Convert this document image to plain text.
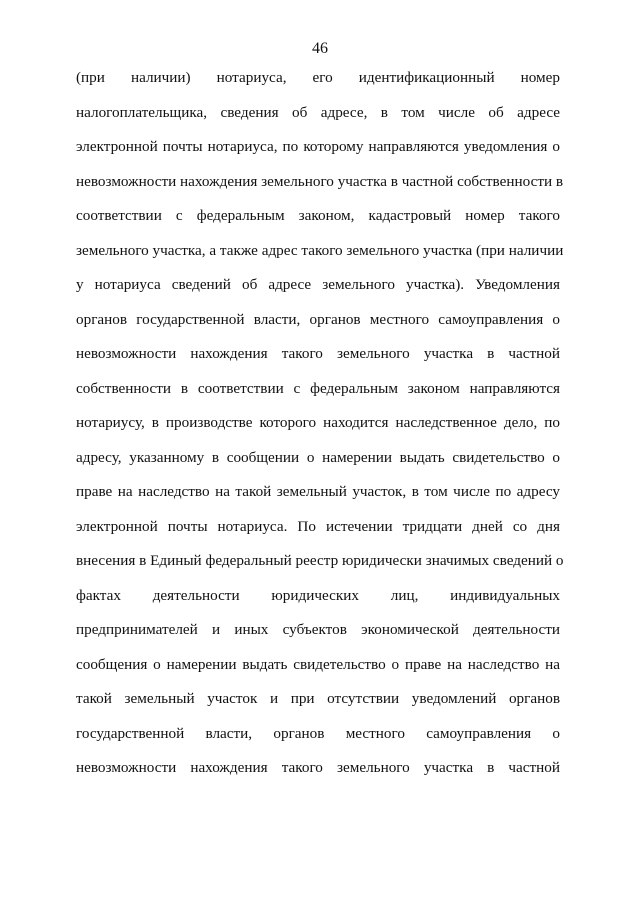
46
(при наличии) нотариуса, его идентификационный номер
налогоплательщика, сведения об адресе, в том числе об адресе
электронной почты нотариуса, по которому направляются уведомления о
невозможности нахождения земельного участка в частной собственности в
соответствии с федеральным законом, кадастровый номер такого
земельного участка, а также адрес такого земельного участка (при наличии
у нотариуса сведений об адресе земельного участка). Уведомления
органов государственной власти, органов местного самоуправления о
невозможности нахождения такого земельного участка в частной
собственности в соответствии с федеральным законом направляются
нотариусу, в производстве которого находится наследственное дело, по
адресу, указанному в сообщении о намерении выдать свидетельство о
праве на наследство на такой земельный участок, в том числе по адресу
электронной почты нотариуса. По истечении тридцати дней со дня
внесения в Единый федеральный реестр юридически значимых сведений о
фактах деятельности юридических лиц, индивидуальных
предпринимателей и иных субъектов экономической деятельности
сообщения о намерении выдать свидетельство о праве на наследство на
такой земельный участок и при отсутствии уведомлений органов
государственной власти, органов местного самоуправления о
невозможности нахождения такого земельного участка в частной
